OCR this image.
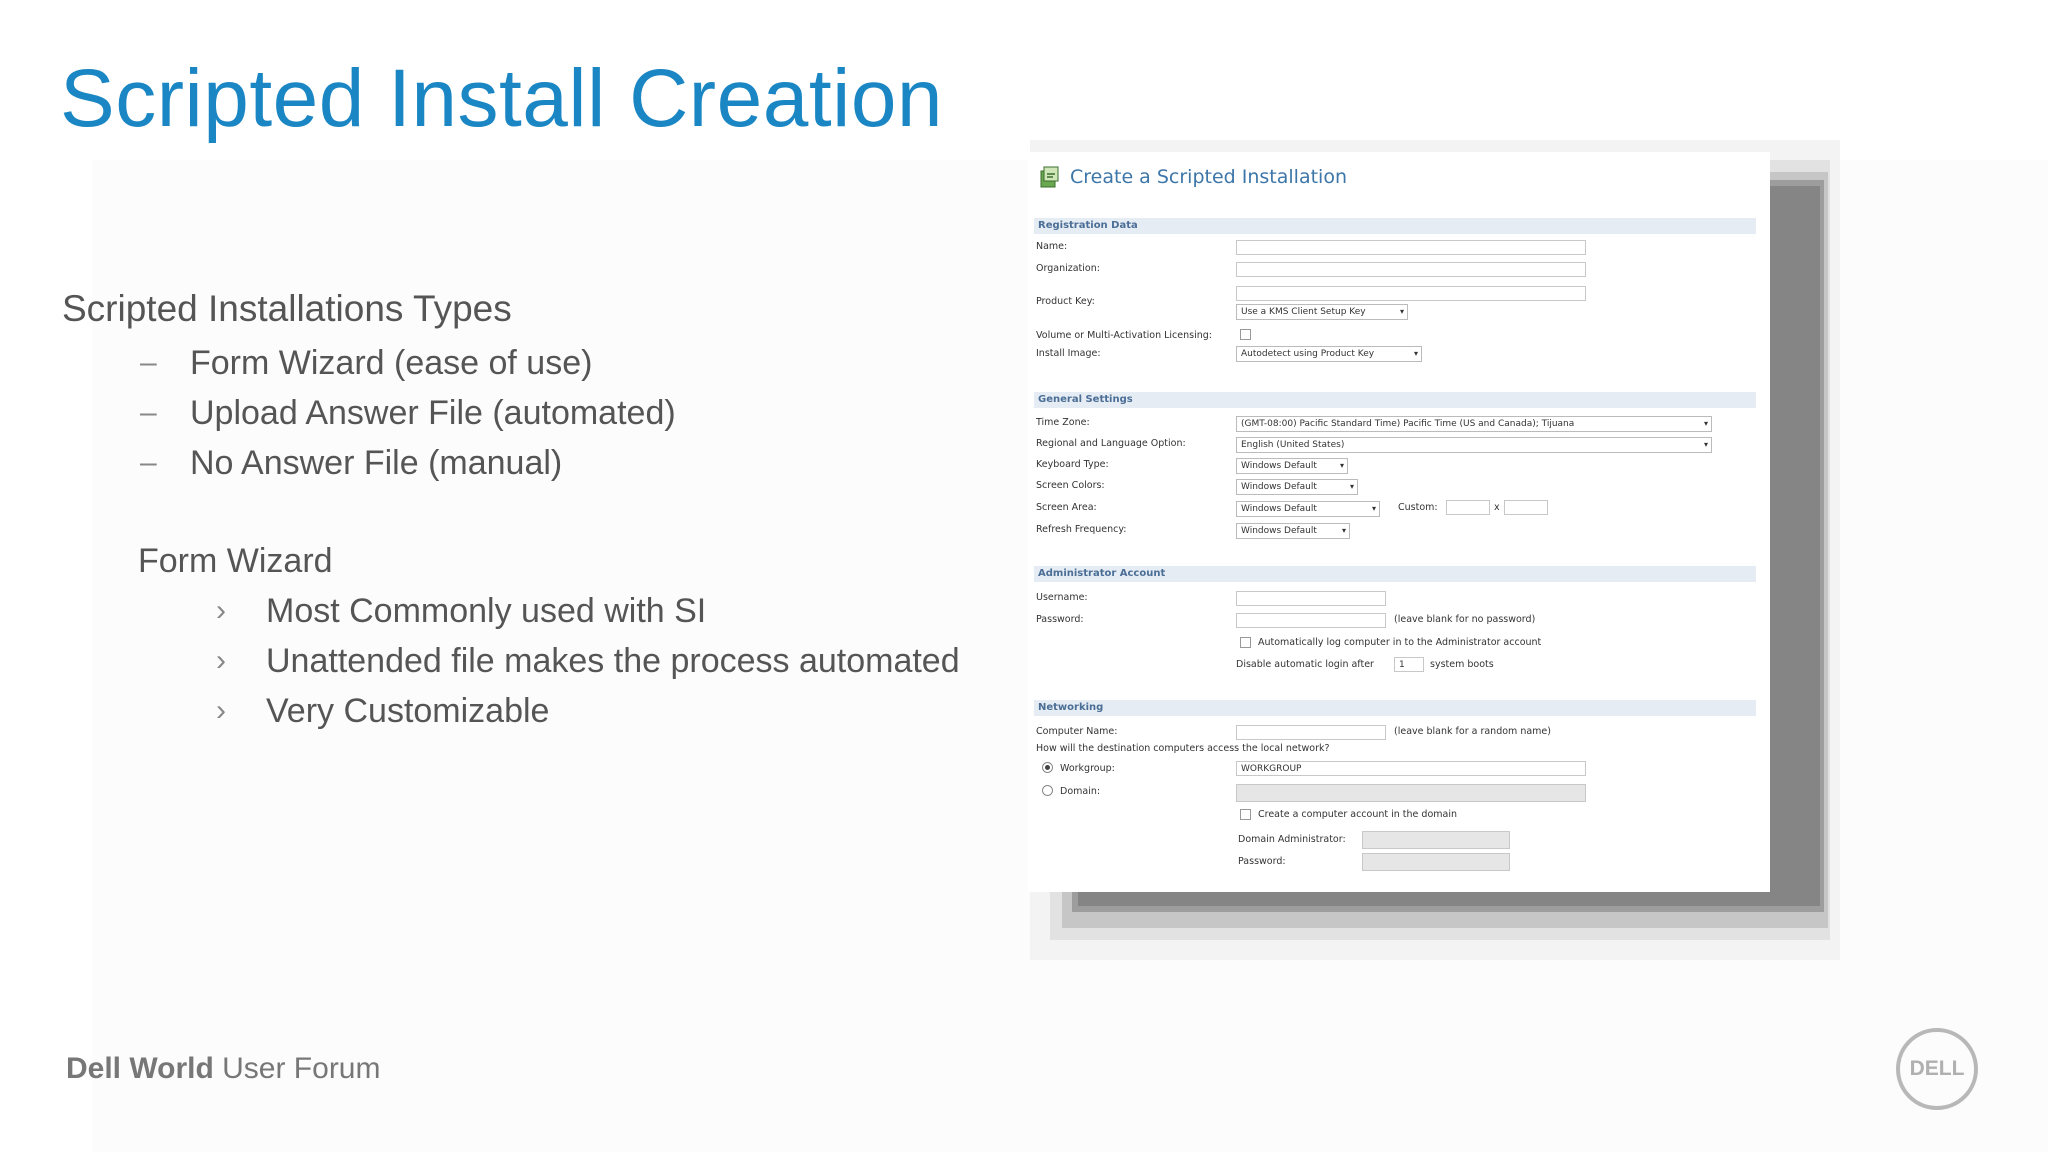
Scripted Install Creation
Scripted Installations Types
– Form Wizard (ease of use)
– Upload Answer File (automated)
– No Answer File (manual)
Form Wizard
› Most Commonly used with SI
› Unattended file makes the process automated
› Very Customizable
Create a Scripted Installation
Registration Data
Name:
Organization:
Product Key:
Use a KMS Client Setup Key	▾
Volume or Multi-Activation Licensing:
Install Image:	Autodetect using Product Key	▾
General Settings
Time Zone:	(GMT-08:00) Pacific Standard Time) Pacific Time (US and Canada); Tijuana	▾
Regional and Language Option:	English (United States)	▾
Keyboard Type:	Windows Default	▾
Screen Colors:	Windows Default	▾
Screen Area:	Windows Default	▾ Custom:	x
Refresh Frequency:	Windows Default	▾
Administrator Account
Username:
Password:	(leave blank for no password)
Automatically log computer in to the Administrator account
Disable automatic login after	1	system boots
Networking
Computer Name:	(leave blank for a random name)
How will the destination computers access the local network?
Workgroup:	WORKGROUP
Domain:
Create a computer account in the domain
Domain Administrator:
Password:
Dell World User Forum	DELL
